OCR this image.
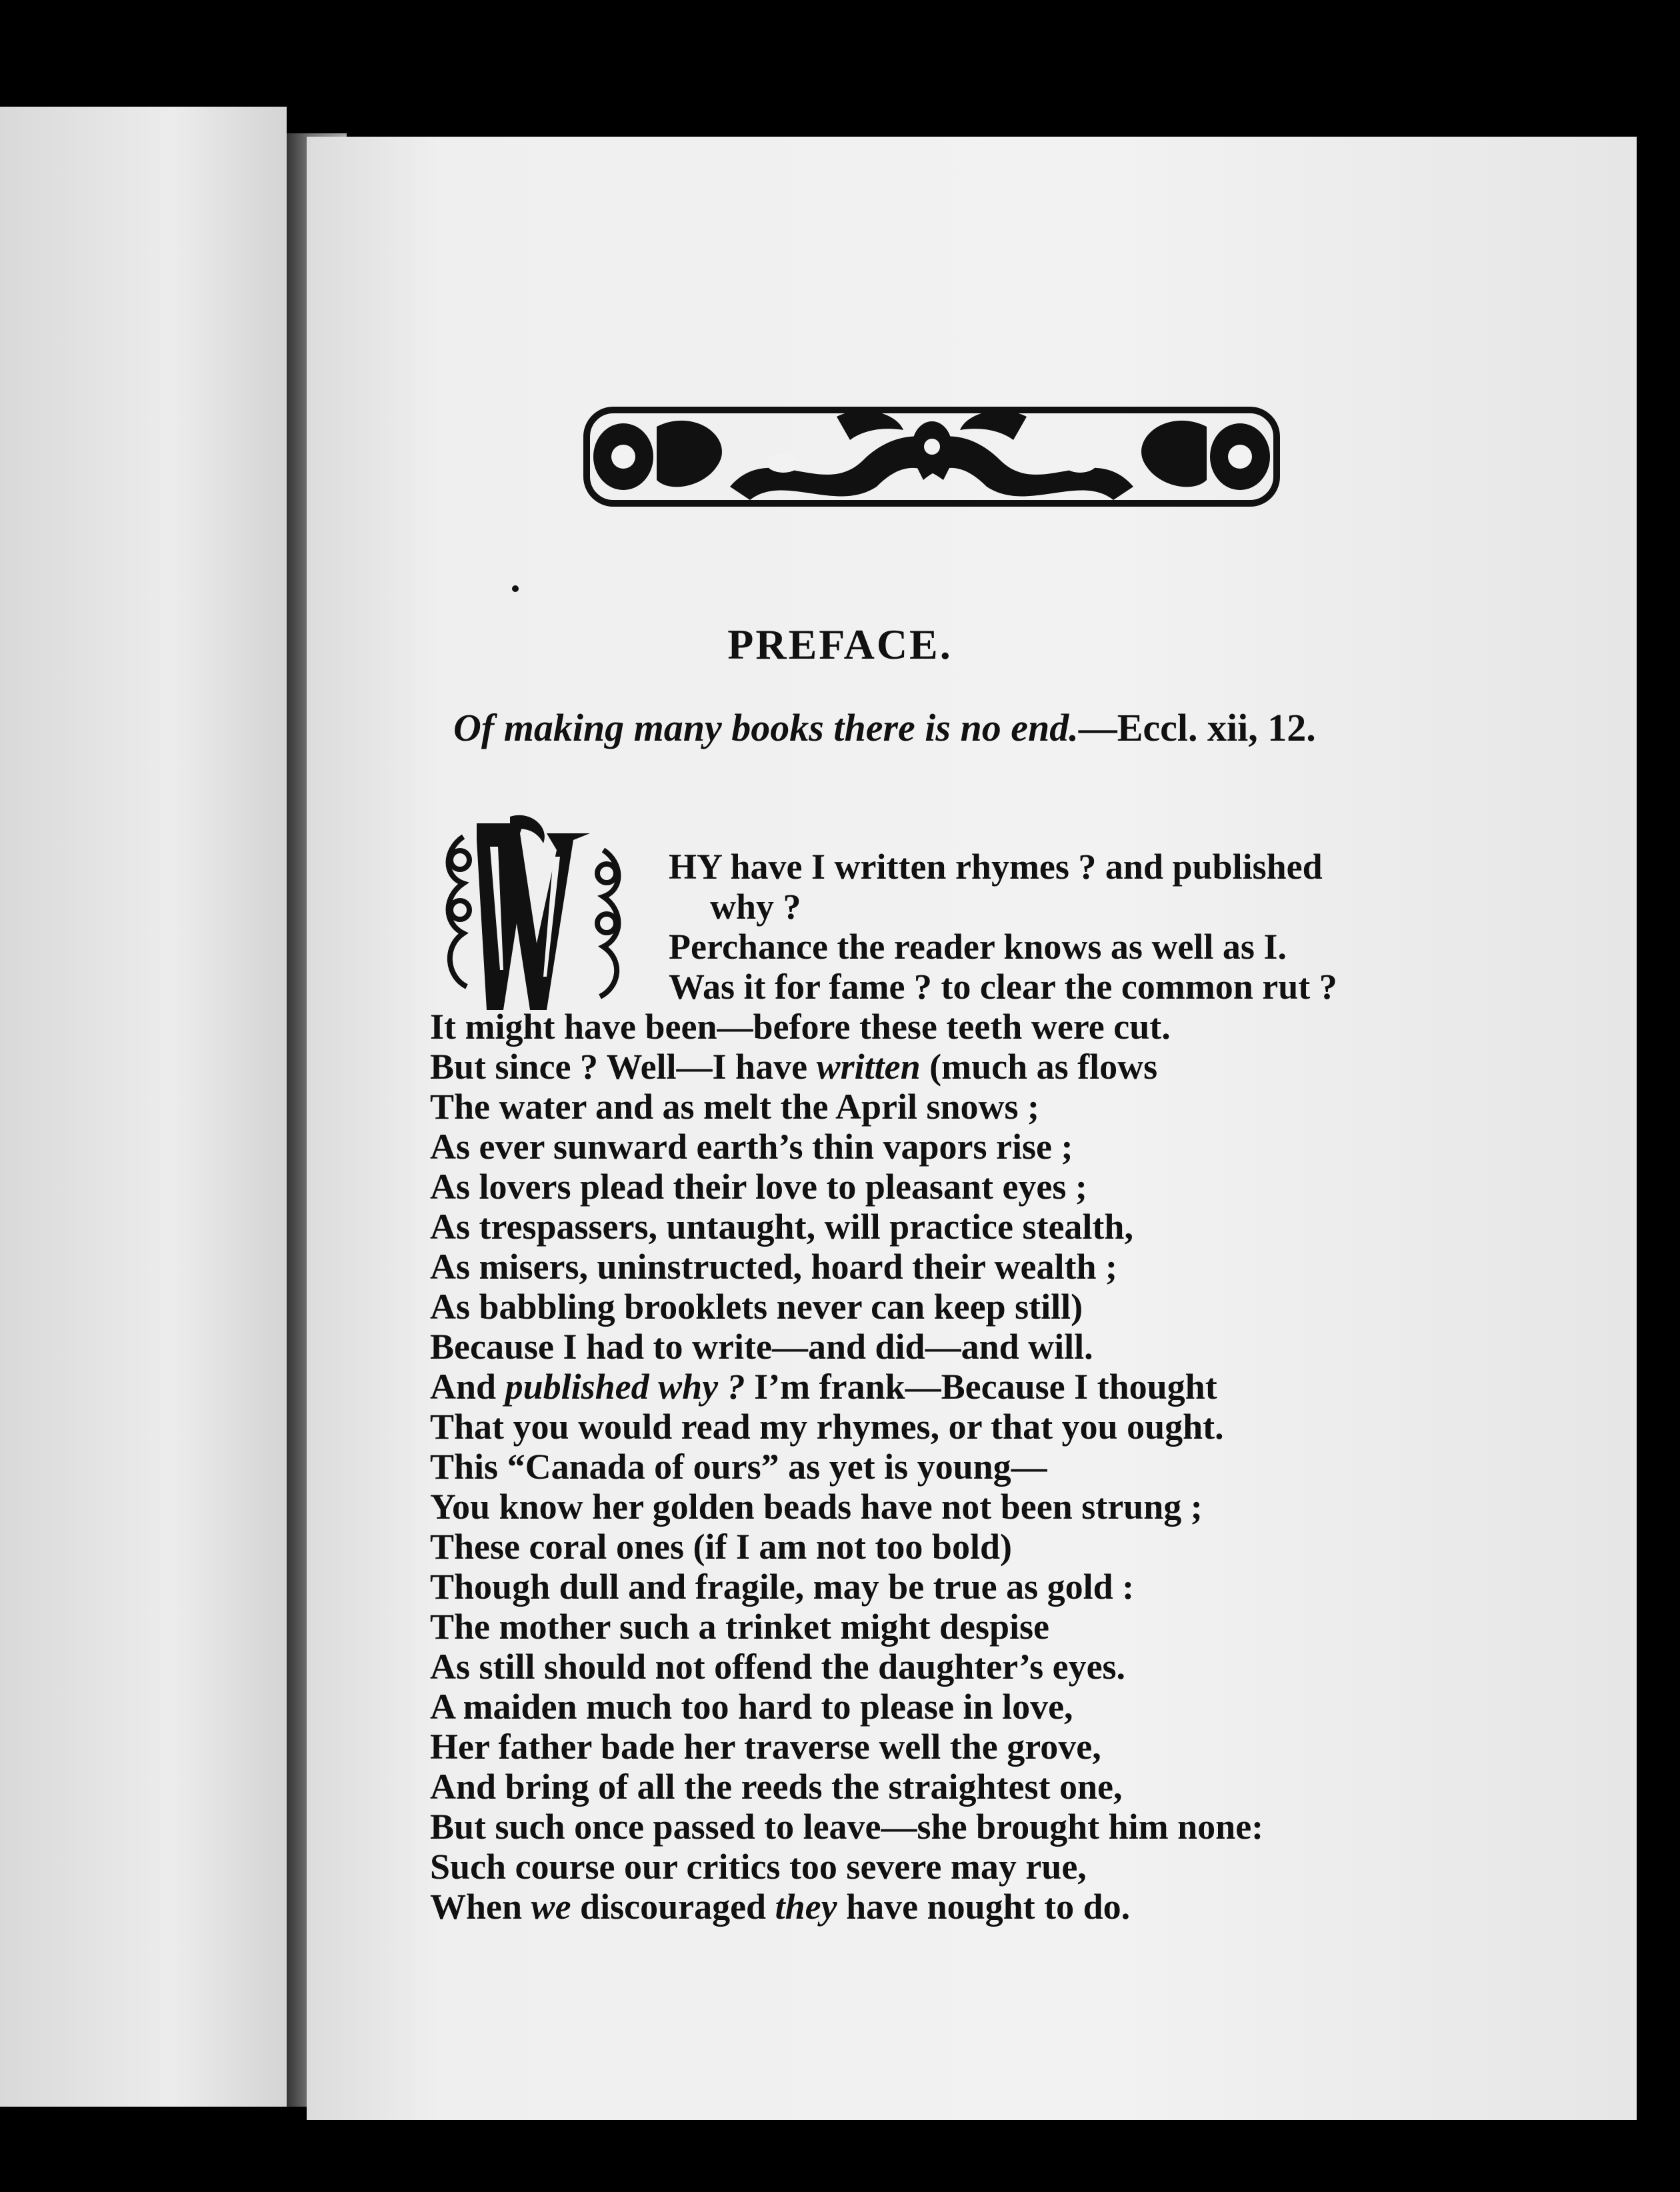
PREFACE.
Of making many books there is no end.—Eccl. xii, 12.
HY have I written rhymes ? and published
why ?
Perchance the reader knows as well as I.
Was it for fame ? to clear the common rut ?
It might have been—before these teeth were cut.
But since ? Well—I have written (much as flows
The water and as melt the April snows ;
As ever sunward earth’s thin vapors rise ;
As lovers plead their love to pleasant eyes ;
As trespassers, untaught, will practice stealth,
As misers, uninstructed, hoard their wealth ;
As babbling brooklets never can keep still)
Because I had to write—and did—and will.
And published why ? I’m frank—Because I thought
That you would read my rhymes, or that you ought.
This “Canada of ours” as yet is young—
You know her golden beads have not been strung ;
These coral ones (if I am not too bold)
Though dull and fragile, may be true as gold :
The mother such a trinket might despise
As still should not offend the daughter’s eyes.
A maiden much too hard to please in love,
Her father bade her traverse well the grove,
And bring of all the reeds the straightest one,
But such once passed to leave—she brought him none:
Such course our critics too severe may rue,
When we discouraged they have nought to do.
